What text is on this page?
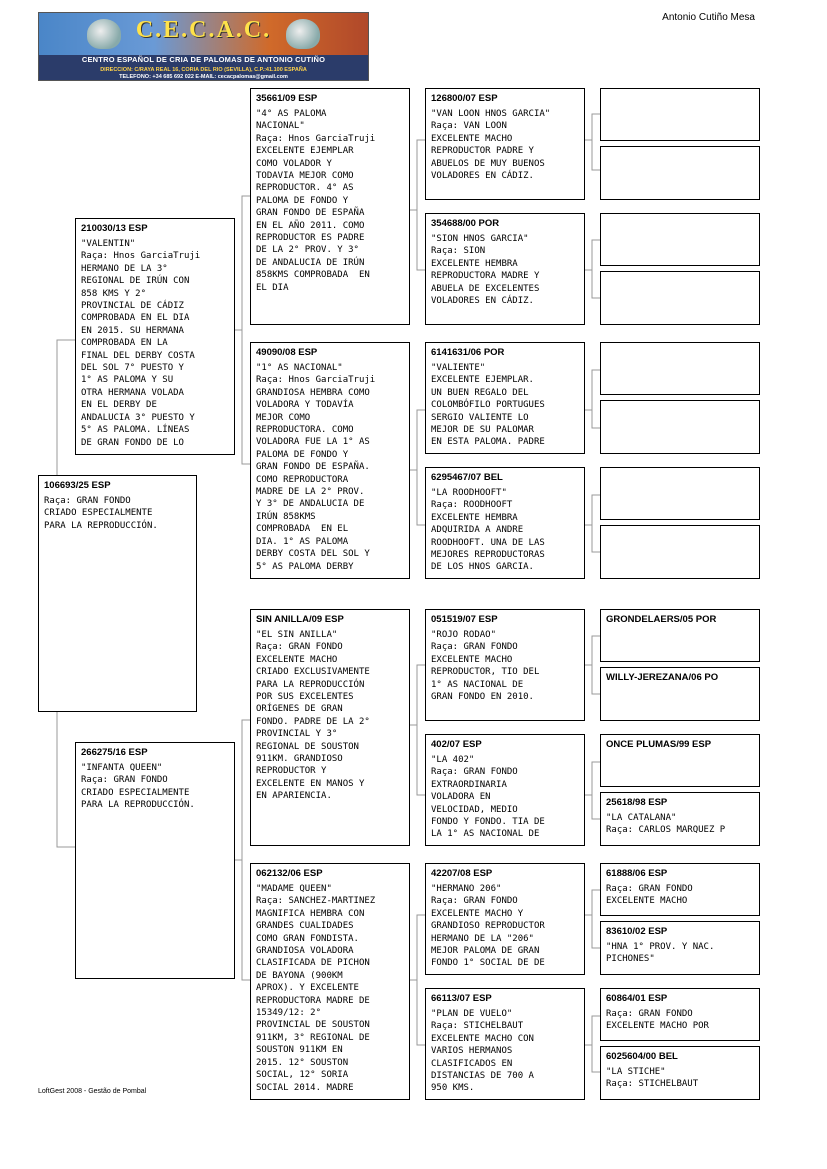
C.E.C.A.C.
CENTRO ESPAÑOL DE CRIA DE PALOMAS DE ANTONIO CUTIÑO
DIRECCION: C/RAYA REAL 16, CORIA DEL RIO (SEVILLA), C.P.:41.100 ESPAÑA
TELEFONO: +34 685 692 022 E-MAIL: cecacpalomas@gmail.com
Antonio Cutiño Mesa
106693/25 ESP
Raça: GRAN FONDO
CRIADO ESPECIALMENTE
PARA LA REPRODUCCIÓN.
210030/13 ESP
"VALENTIN"
Raça: Hnos GarciaTruji
HERMANO DE LA 3°
REGIONAL DE IRÚN CON
858 KMS Y 2°
PROVINCIAL DE CÁDIZ
COMPROBADA EN EL DIA
EN 2015. SU HERMANA
COMPROBADA EN LA
FINAL DEL DERBY COSTA
DEL SOL 7° PUESTO Y
1° AS PALOMA Y SU
OTRA HERMANA VOLADA
EN EL DERBY DE
ANDALUCIA 3° PUESTO Y
5° AS PALOMA. LÍNEAS
DE GRAN FONDO DE LO
266275/16 ESP
"INFANTA QUEEN"
Raça: GRAN FONDO
CRIADO ESPECIALMENTE
PARA LA REPRODUCCIÓN.
35661/09 ESP
"4° AS PALOMA
NACIONAL"
Raça: Hnos GarciaTruji
EXCELENTE EJEMPLAR
COMO VOLADOR Y
TODAVIA MEJOR COMO
REPRODUCTOR. 4° AS
PALOMA DE FONDO Y
GRAN FONDO DE ESPAÑA
EN EL AÑO 2011. COMO
REPRODUCTOR ES PADRE
DE LA 2° PROV. Y 3°
DE ANDALUCIA DE IRÚN
858KMS COMPROBADA  EN
EL DIA
49090/08 ESP
"1° AS NACIONAL"
Raça: Hnos GarciaTruji
GRANDIOSA HEMBRA COMO
VOLADORA Y TODAVÍA
MEJOR COMO
REPRODUCTORA. COMO
VOLADORA FUE LA 1° AS
PALOMA DE FONDO Y
GRAN FONDO DE ESPAÑA.
COMO REPRODUCTORA
MADRE DE LA 2° PROV.
Y 3° DE ANDALUCIA DE
IRÚN 858KMS
COMPROBADA  EN EL
DIA. 1° AS PALOMA
DERBY COSTA DEL SOL Y
5° AS PALOMA DERBY
SIN ANILLA/09 ESP
"EL SIN ANILLA"
Raça: GRAN FONDO
EXCELENTE MACHO
CRIADO EXCLUSIVAMENTE
PARA LA REPRODUCCIÓN
POR SUS EXCELENTES
ORÍGENES DE GRAN
FONDO. PADRE DE LA 2°
PROVINCIAL Y 3°
REGIONAL DE SOUSTON
911KM. GRANDIOSO
REPRODUCTOR Y
EXCELENTE EN MANOS Y
EN APARIENCIA.
062132/06 ESP
"MADAME QUEEN"
Raça: SANCHEZ-MARTINEZ
MAGNIFICA HEMBRA CON
GRANDES CUALIDADES
COMO GRAN FONDISTA.
GRANDIOSA VOLADORA
CLASIFICADA DE PICHON
DE BAYONA (900KM
APROX). Y EXCELENTE
REPRODUCTORA MADRE DE
15349/12: 2°
PROVINCIAL DE SOUSTON
911KM, 3° REGIONAL DE
SOUSTON 911KM EN
2015. 12° SOUSTON
SOCIAL, 12° SORIA
SOCIAL 2014. MADRE
126800/07 ESP
"VAN LOON HNOS GARCIA"
Raça: VAN LOON
EXCELENTE MACHO
REPRODUCTOR PADRE Y
ABUELOS DE MUY BUENOS
VOLADORES EN CÁDIZ.
354688/00 POR
"SION HNOS GARCIA"
Raça: SION
EXCELENTE HEMBRA
REPRODUCTORA MADRE Y
ABUELA DE EXCELENTES
VOLADORES EN CÁDIZ.
6141631/06 POR
"VALIENTE"
EXCELENTE EJEMPLAR.
UN BUEN REGALO DEL
COLOMBÓFILO PORTUGUES
SERGIO VALIENTE LO
MEJOR DE SU PALOMAR
EN ESTA PALOMA. PADRE
6295467/07 BEL
"LA ROODHOOFT"
Raça: ROODHOOFT
EXCELENTE HEMBRA
ADQUIRIDA A ANDRE
ROODHOOFT. UNA DE LAS
MEJORES REPRODUCTORAS
DE LOS HNOS GARCIA.
051519/07 ESP
"ROJO RODAO"
Raça: GRAN FONDO
EXCELENTE MACHO
REPRODUCTOR, TIO DEL
1° AS NACIONAL DE
GRAN FONDO EN 2010.
402/07 ESP
"LA 402"
Raça: GRAN FONDO
EXTRAORDINARIA
VOLADORA EN
VELOCIDAD, MEDIO
FONDO Y FONDO. TIA DE
LA 1° AS NACIONAL DE
42207/08 ESP
"HERMANO 206"
Raça: GRAN FONDO
EXCELENTE MACHO Y
GRANDIOSO REPRODUCTOR
HERMANO DE LA "206"
MEJOR PALOMA DE GRAN
FONDO 1° SOCIAL DE DE
66113/07 ESP
"PLAN DE VUELO"
Raça: STICHELBAUT
EXCELENTE MACHO CON
VARIOS HERMANOS
CLASIFICADOS EN
DISTANCIAS DE 700 A
950 KMS.
GRONDELAERS/05 POR
WILLY-JEREZANA/06 PO
ONCE PLUMAS/99 ESP
25618/98 ESP
"LA CATALANA"
Raça: CARLOS MARQUEZ P
61888/06 ESP
Raça: GRAN FONDO
EXCELENTE MACHO
83610/02 ESP
"HNA 1° PROV. Y NAC.
PICHONES"
60864/01 ESP
Raça: GRAN FONDO
EXCELENTE MACHO POR
6025604/00 BEL
"LA STICHE"
Raça: STICHELBAUT
LoftGest 2008 - Gestão de Pombal
